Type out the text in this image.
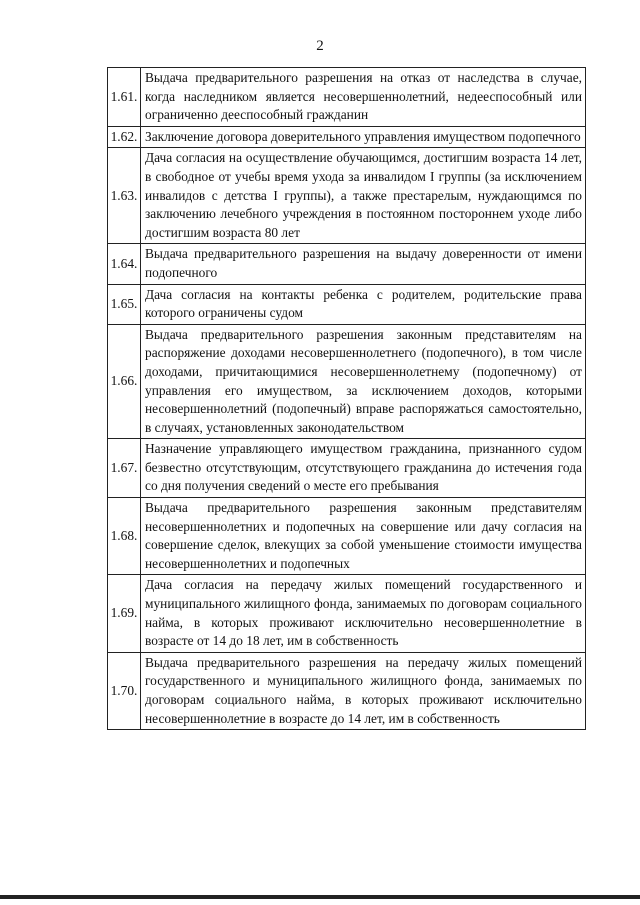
2
1.61.	Выдача предварительного разрешения на отказ от наследства в случае, когда наследником является несовершеннолетний, недееспособный или ограниченно дееспособный гражданин
1.62.	Заключение договора доверительного управления имуществом подопечного
1.63.	Дача согласия на осуществление обучающимся, достигшим возраста 14 лет, в свободное от учебы время ухода за инвалидом I группы (за исключением инвалидов с детства I группы), а также престарелым, нуждающимся по заключению лечебного учреждения в постоянном постороннем уходе либо достигшим возраста 80 лет
1.64.	Выдача предварительного разрешения на выдачу доверенности от имени подопечного
1.65.	Дача согласия на контакты ребенка с родителем, родительские права которого ограничены судом
1.66.	Выдача предварительного разрешения законным представителям на распоряжение доходами несовершеннолетнего (подопечного), в том числе доходами, причитающимися несовершеннолетнему (подопечному) от управления его имуществом, за исключением доходов, которыми несовершеннолетний (подопечный) вправе распоряжаться самостоятельно, в случаях, установленных законодательством
1.67.	Назначение управляющего имуществом гражданина, признанного судом безвестно отсутствующим, отсутствующего гражданина до истечения года со дня получения сведений о месте его пребывания
1.68.	Выдача предварительного разрешения законным представителям несовершеннолетних и подопечных на совершение или дачу согласия на совершение сделок, влекущих за собой уменьшение стоимости имущества несовершеннолетних и подопечных
1.69.	Дача согласия на передачу жилых помещений государственного и муниципального жилищного фонда, занимаемых по договорам социального найма, в которых проживают исключительно несовершеннолетние в возрасте от 14 до 18 лет, им в собственность
1.70.	Выдача предварительного разрешения на передачу жилых помещений государственного и муниципального жилищного фонда, занимаемых по договорам социального найма, в которых проживают исключительно несовершеннолетние в возрасте до 14 лет, им в собственность
